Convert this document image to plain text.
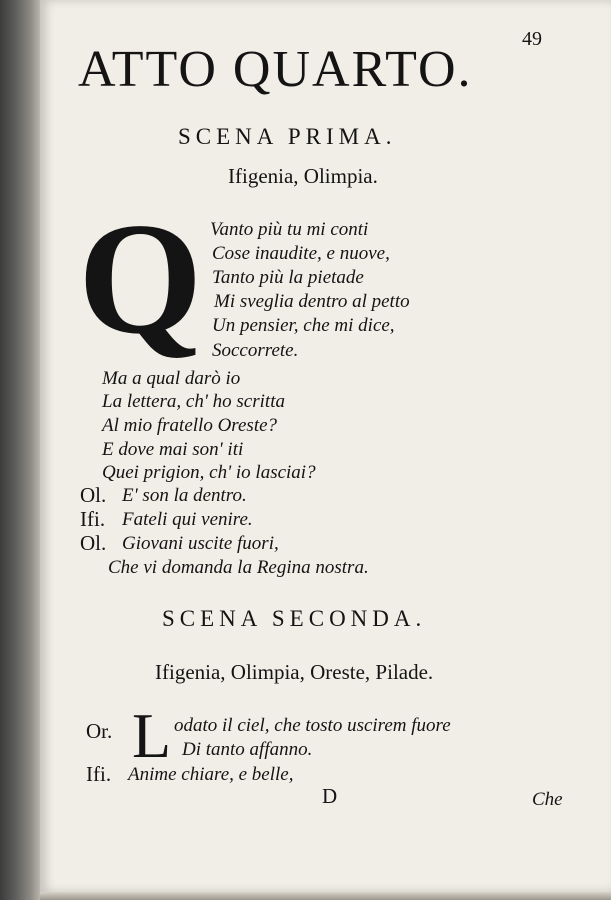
49
ATTO QUARTO.
SCENA PRIMA.
Ifigenia, Olimpia.
Q Vanto più tu mi conti
Cose inaudite, e nuove,
Tanto più la pietade
Mi sveglia dentro al petto
Un pensier, che mi dice,
Soccorrete.
Ma a qual darò io
La lettera, ch' ho scritta
Al mio fratello Oreste?
E dove mai son' iti
Quei prigion, ch' io lasciai?
Ol. E' son la dentro.
Ifi. Fateli qui venire.
Ol. Giovani uscite fuori,
Che vi domanda la Regina nostra.
SCENA SECONDA.
Ifigenia, Olimpia, Oreste, Pilade.
Or. L odato il ciel, che tosto uscirem fuore
Di tanto affanno.
Ifi. Anime chiare, e belle,
D	Che
